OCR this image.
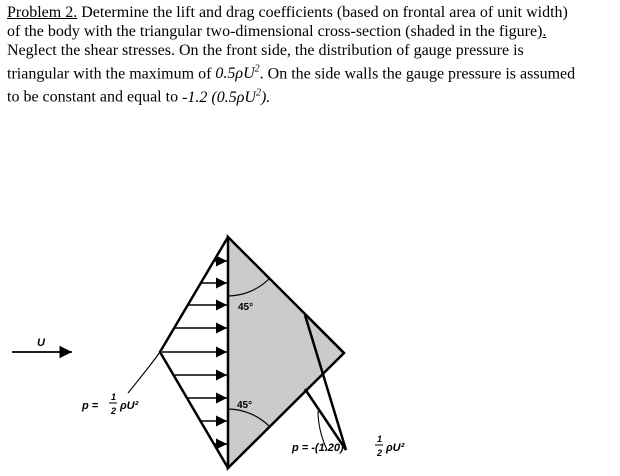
Problem 2. Determine the lift and drag coefficients (based on frontal area of unit width)
of the body with the triangular two-dimensional cross-section (shaded in the figure).
Neglect the shear stresses. On the front side, the distribution of gauge pressure is
triangular with the maximum of $0.5\rho U^2$. On the side walls the gauge pressure is assumed
to be constant and equal to -1.2 $(0.5\rho U^2)$.
U
45°
45°
p =
1
2 ρU²
p = -(1.20)
1
2 ρU²
